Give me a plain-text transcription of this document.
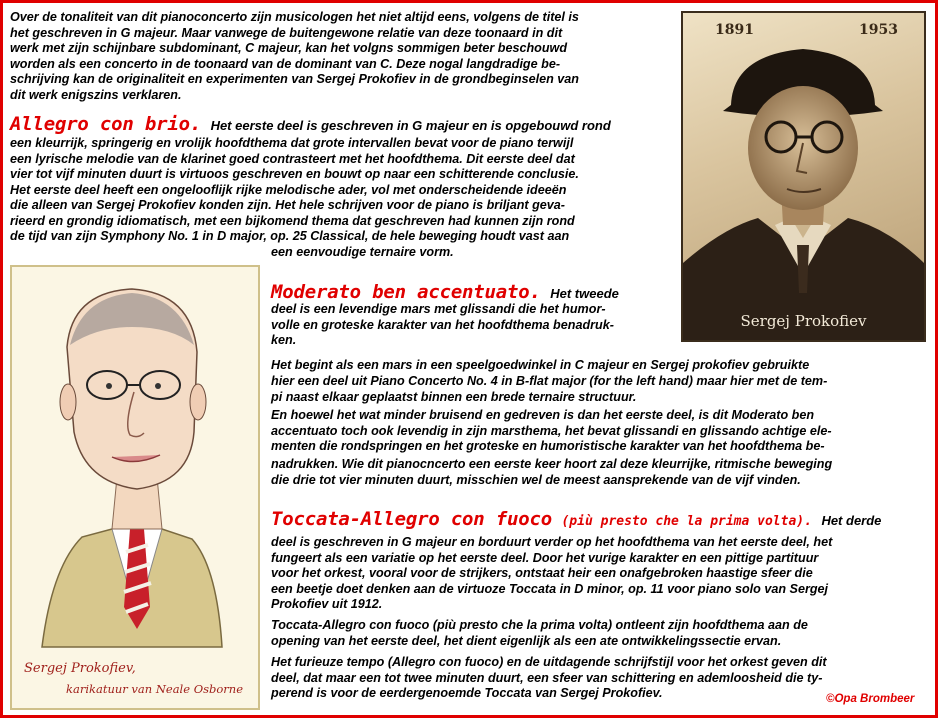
Over de tonaliteit van dit pianoconcerto zijn musicologen het niet altijd eens, volgens de titel is

het geschreven in G majeur. Maar vanwege de buitengewone relatie van deze toonaard in dit

werk met zijn schijnbare subdominant, C majeur, kan het volgns sommigen beter beschouwd

worden als een concerto in de toonaard van de dominant van C. Deze nogal langdradige be-

schrijving kan de originaliteit en experimenten van Sergej Prokofiev in de grondbeginselen van

dit werk enigszins verklaren.

Allegro con brio. Het eerste deel is geschreven in G majeur en is opgebouwd rond

een kleurrijk, springerig en vrolijk hoofdthema dat grote intervallen bevat voor de piano terwijl

een lyrische melodie van de klarinet goed contrasteert met het hoofdthema. Dit eerste deel dat

vier tot vijf minuten duurt is virtuoos geschreven en bouwt op naar een schitterende conclusie.

Het eerste deel heeft een ongelooflijk rijke melodische ader, vol met onderscheidende ideeën

die alleen van Sergej Prokofiev konden zijn. Het hele schrijven voor de piano is briljant geva-

rieerd en grondig idiomatisch, met een bijkomend thema dat geschreven had kunnen zijn rond

de tijd van zijn Symphony No. 1 in D major, op. 25 Classical, de hele beweging houdt vast aan

een eenvoudige ternaire vorm.

Moderato ben accentuato. Het tweede

deel is een levendige mars met glissandi die het humor-

volle en groteske karakter van het hoofdthema benadruk-

ken.

Het begint als een mars in een speelgoedwinkel in C majeur en Sergej prokofiev gebruikte

hier een deel uit Piano Concerto No. 4 in B-flat major (for the left hand) maar hier met de tem-

pi naast elkaar geplaatst binnen een brede ternaire structuur.

En hoewel het wat minder bruisend en gedreven is dan het eerste deel, is dit Moderato ben

accentuato toch ook levendig in zijn marsthema, het bevat glissandi en glissando achtige ele-

menten die rondspringen en het groteske en humoristische karakter van het hoofdthema be-

nadrukken. Wie dit pianocncerto een eerste keer hoort zal deze kleurrijke, ritmische beweging

die drie tot vier minuten duurt, misschien wel de meest aansprekende van de vijf vinden.

Toccata-Allegro con fuoco (più presto che la prima volta). Het derde

deel is geschreven in G majeur en borduurt verder op het hoofdthema van het eerste deel, het

fungeert als een variatie op het eerste deel. Door het vurige karakter en een pittige partituur

voor het orkest, vooral voor de strijkers, ontstaat heir een onafgebroken haastige sfeer die

een beetje doet denken aan de virtuoze Toccata in D minor, op. 11 voor piano solo van Sergej

Prokofiev uit 1912.

Toccata-Allegro con fuoco (più presto che la prima volta) ontleent zijn hoofdthema aan de

opening van het eerste deel, het dient eigenlijk als een ate ontwikkelingssectie ervan.

Het furieuze tempo (Allegro con fuoco) en de uitdagende schrijfstijl voor het orkest geven dit

deel, dat maar een tot twee minuten duurt, een sfeer van schittering en ademloosheid die ty-

perend is voor de eerdergenoemde Toccata van Sergej Prokofiev.

1891	1953
Sergej Prokofiev
Sergej Prokofiev,
karikatuur van Neale Osborne
©Opa Brombeer
